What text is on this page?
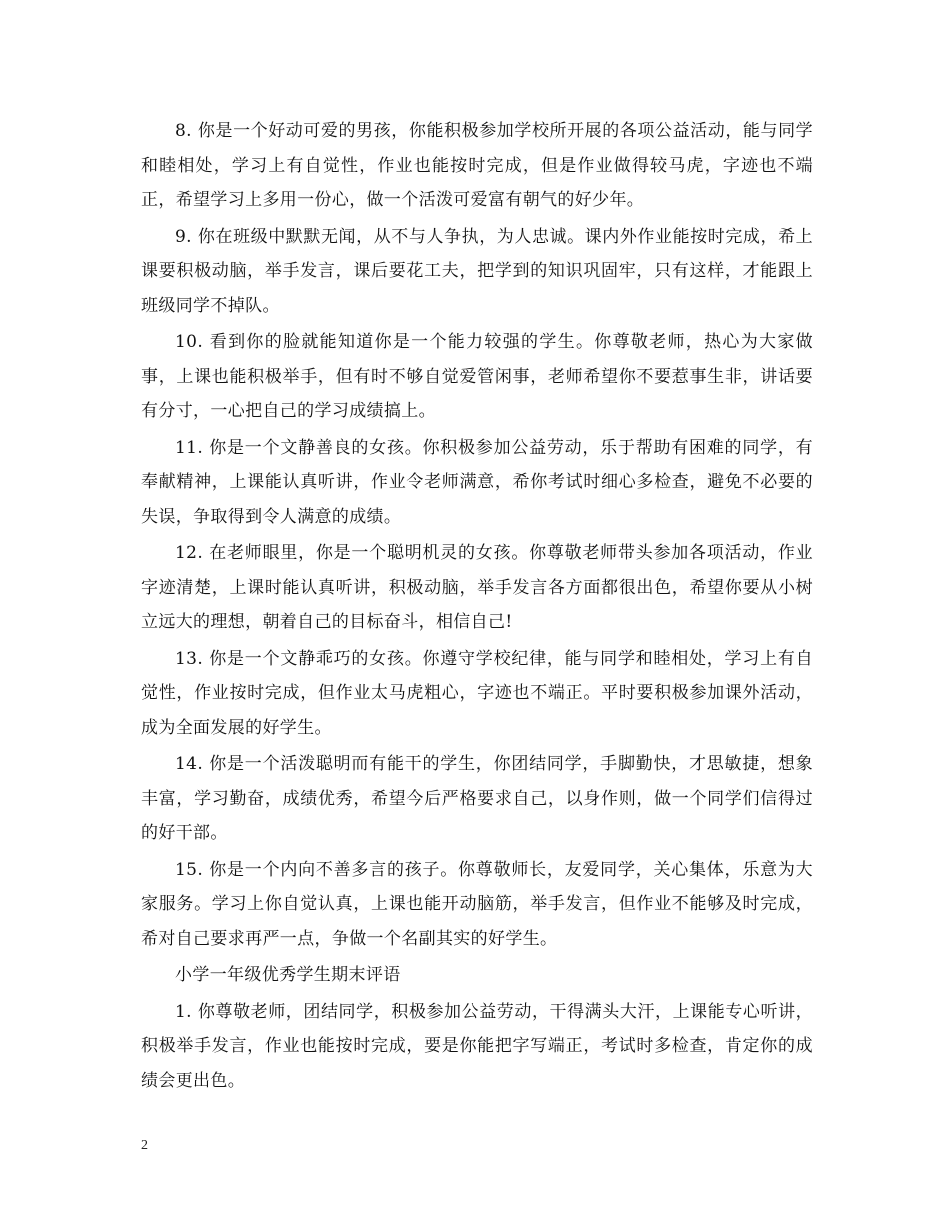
8. 你是一个好动可爱的男孩，你能积极参加学校所开展的各项公益活动，能与同学和睦相处，学习上有自觉性，作业也能按时完成，但是作业做得较马虎，字迹也不端正，希望学习上多用一份心，做一个活泼可爱富有朝气的好少年。

9. 你在班级中默默无闻，从不与人争执，为人忠诚。课内外作业能按时完成，希上课要积极动脑，举手发言，课后要花工夫，把学到的知识巩固牢，只有这样，才能跟上班级同学不掉队。

10. 看到你的脸就能知道你是一个能力较强的学生。你尊敬老师，热心为大家做事，上课也能积极举手，但有时不够自觉爱管闲事，老师希望你不要惹事生非，讲话要有分寸，一心把自己的学习成绩搞上。

11. 你是一个文静善良的女孩。你积极参加公益劳动，乐于帮助有困难的同学，有奉献精神，上课能认真听讲，作业令老师满意，希你考试时细心多检查，避免不必要的失误，争取得到令人满意的成绩。

12. 在老师眼里，你是一个聪明机灵的女孩。你尊敬老师带头参加各项活动，作业字迹清楚，上课时能认真听讲，积极动脑，举手发言各方面都很出色，希望你要从小树立远大的理想，朝着自己的目标奋斗，相信自己!

13. 你是一个文静乖巧的女孩。你遵守学校纪律，能与同学和睦相处，学习上有自觉性，作业按时完成，但作业太马虎粗心，字迹也不端正。平时要积极参加课外活动，成为全面发展的好学生。

14. 你是一个活泼聪明而有能干的学生，你团结同学，手脚勤快，才思敏捷，想象丰富，学习勤奋，成绩优秀，希望今后严格要求自己，以身作则，做一个同学们信得过的好干部。

15. 你是一个内向不善多言的孩子。你尊敬师长，友爱同学，关心集体，乐意为大家服务。学习上你自觉认真，上课也能开动脑筋，举手发言，但作业不能够及时完成，希对自己要求再严一点，争做一个名副其实的好学生。

小学一年级优秀学生期末评语

1. 你尊敬老师，团结同学，积极参加公益劳动，干得满头大汗，上课能专心听讲，积极举手发言，作业也能按时完成，要是你能把字写端正，考试时多检查，肯定你的成绩会更出色。

2
